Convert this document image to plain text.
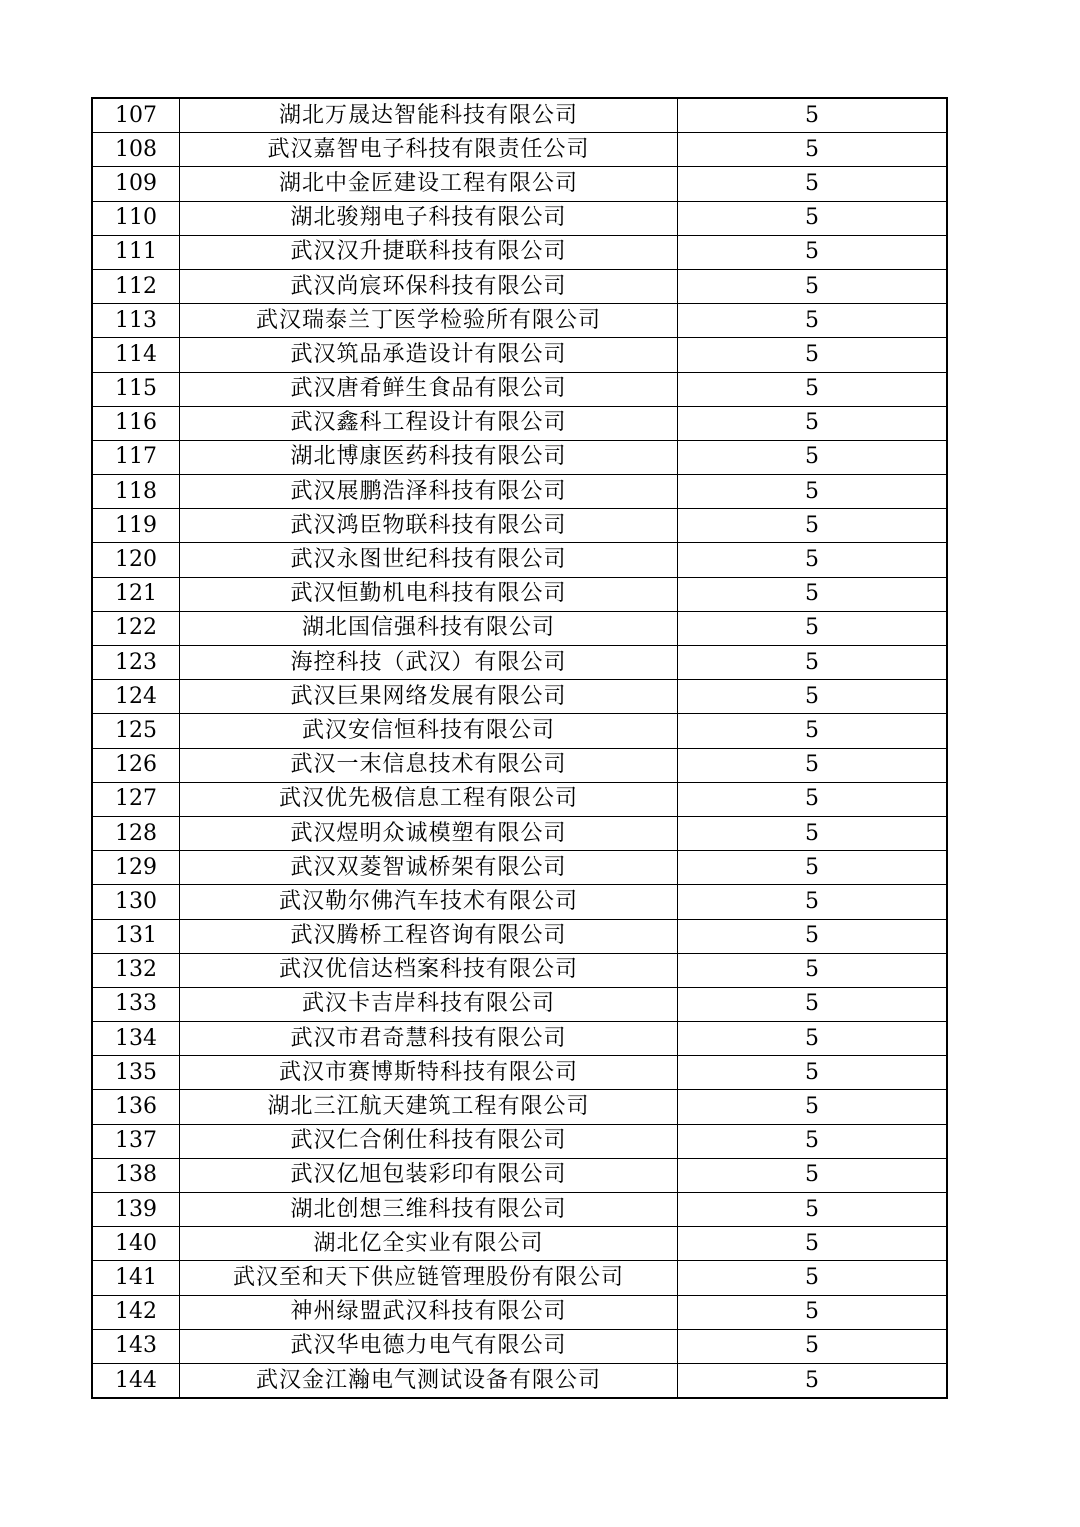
107	湖北万晟达智能科技有限公司	5
108	武汉嘉智电子科技有限责任公司	5
109	湖北中金匠建设工程有限公司	5
110	湖北骏翔电子科技有限公司	5
111	武汉汉升捷联科技有限公司	5
112	武汉尚宸环保科技有限公司	5
113	武汉瑞泰兰丁医学检验所有限公司	5
114	武汉筑品承造设计有限公司	5
115	武汉唐肴鲜生食品有限公司	5
116	武汉鑫科工程设计有限公司	5
117	湖北博康医药科技有限公司	5
118	武汉展鹏浩泽科技有限公司	5
119	武汉鸿臣物联科技有限公司	5
120	武汉永图世纪科技有限公司	5
121	武汉恒勤机电科技有限公司	5
122	湖北国信强科技有限公司	5
123	海控科技（武汉）有限公司	5
124	武汉巨果网络发展有限公司	5
125	武汉安信恒科技有限公司	5
126	武汉一末信息技术有限公司	5
127	武汉优先极信息工程有限公司	5
128	武汉煜明众诚模塑有限公司	5
129	武汉双菱智诚桥架有限公司	5
130	武汉勒尔佛汽车技术有限公司	5
131	武汉腾桥工程咨询有限公司	5
132	武汉优信达档案科技有限公司	5
133	武汉卡吉岸科技有限公司	5
134	武汉市君奇慧科技有限公司	5
135	武汉市赛博斯特科技有限公司	5
136	湖北三江航天建筑工程有限公司	5
137	武汉仁合俐仕科技有限公司	5
138	武汉亿旭包装彩印有限公司	5
139	湖北创想三维科技有限公司	5
140	湖北亿全实业有限公司	5
141	武汉至和天下供应链管理股份有限公司	5
142	神州绿盟武汉科技有限公司	5
143	武汉华电德力电气有限公司	5
144	武汉金江瀚电气测试设备有限公司	5
